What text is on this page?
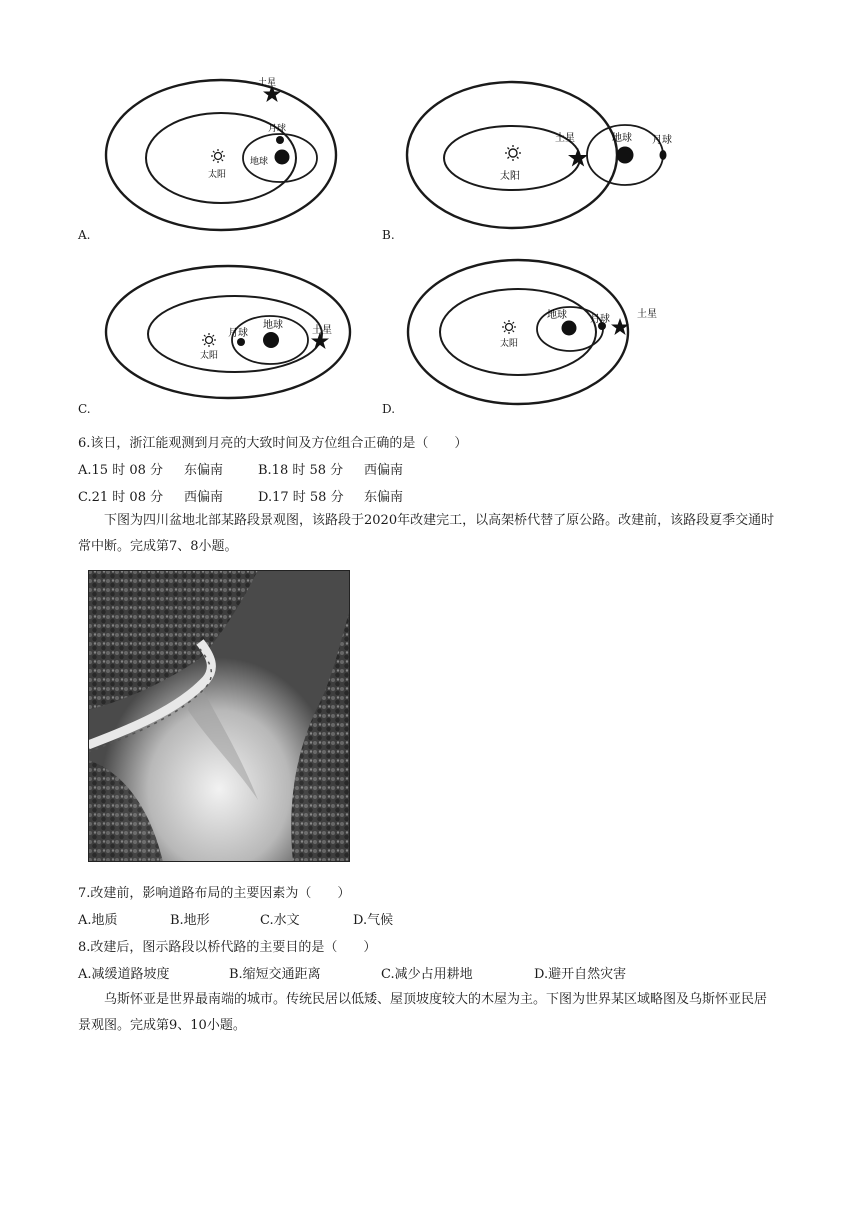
太阳
地球
月球
土星
A.
太阳
地球 月球
土星
B.
太阳
地球
月球	土星
C.
太阳
地球 月球	土星
D.
6.该日，浙江能观测到月亮的大致时间及方位组合正确的是（　　）
A.15 时 08 分 东偏南	B.18 时 58 分 西偏南
C.21 时 08 分 西偏南	D.17 时 58 分 东偏南
下图为四川盆地北部某路段景观图，该路段于2020年改建完工，以高架桥代替了原公路。改建前，该路段夏季交通时常中断。完成第7、8小题。
7.改建前，影响道路布局的主要因素为（　　）
A.地质	B.地形	C.水文	D.气候
8.改建后，图示路段以桥代路的主要目的是（　　）
A.减缓道路坡度	B.缩短交通距离	C.减少占用耕地	D.避开自然灾害
乌斯怀亚是世界最南端的城市。传统民居以低矮、屋顶坡度较大的木屋为主。下图为世界某区域略图及乌斯怀亚民居景观图。完成第9、10小题。
